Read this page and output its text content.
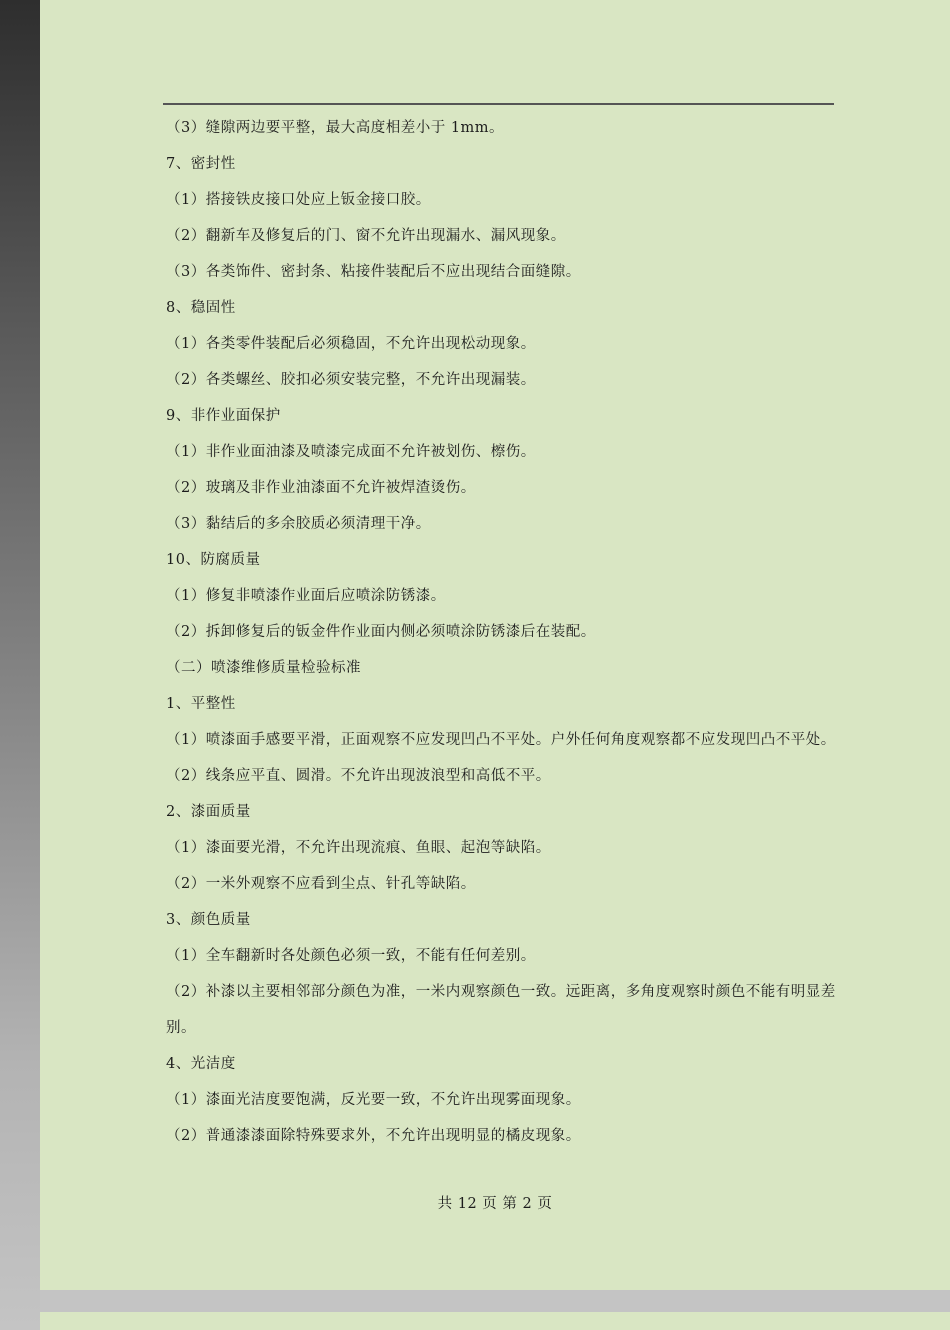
（3）缝隙两边要平整，最大高度相差小于 1mm。

7、密封性

（1）搭接铁皮接口处应上钣金接口胶。

（2）翻新车及修复后的门、窗不允许出现漏水、漏风现象。

（3）各类饰件、密封条、粘接件装配后不应出现结合面缝隙。

8、稳固性

（1）各类零件装配后必须稳固，不允许出现松动现象。

（2）各类螺丝、胶扣必须安装完整，不允许出现漏装。

9、非作业面保护

（1）非作业面油漆及喷漆完成面不允许被划伤、檫伤。

（2）玻璃及非作业油漆面不允许被焊渣烫伤。

（3）黏结后的多余胶质必须清理干净。

10、防腐质量

（1）修复非喷漆作业面后应喷涂防锈漆。

（2）拆卸修复后的钣金件作业面内侧必须喷涂防锈漆后在装配。

（二）喷漆维修质量检验标准

1、平整性

（1）喷漆面手感要平滑，正面观察不应发现凹凸不平处。户外任何角度观察都不应发现凹凸不平处。

（2）线条应平直、圆滑。不允许出现波浪型和高低不平。

2、漆面质量

（1）漆面要光滑，不允许出现流痕、鱼眼、起泡等缺陷。

（2）一米外观察不应看到尘点、针孔等缺陷。

3、颜色质量

（1）全车翻新时各处颜色必须一致，不能有任何差别。

（2）补漆以主要相邻部分颜色为准，一米内观察颜色一致。远距离，多角度观察时颜色不能有明显差别。

4、光洁度

（1）漆面光洁度要饱满，反光要一致，不允许出现雾面现象。

（2）普通漆漆面除特殊要求外，不允许出现明显的橘皮现象。

共 12 页 第 2 页
